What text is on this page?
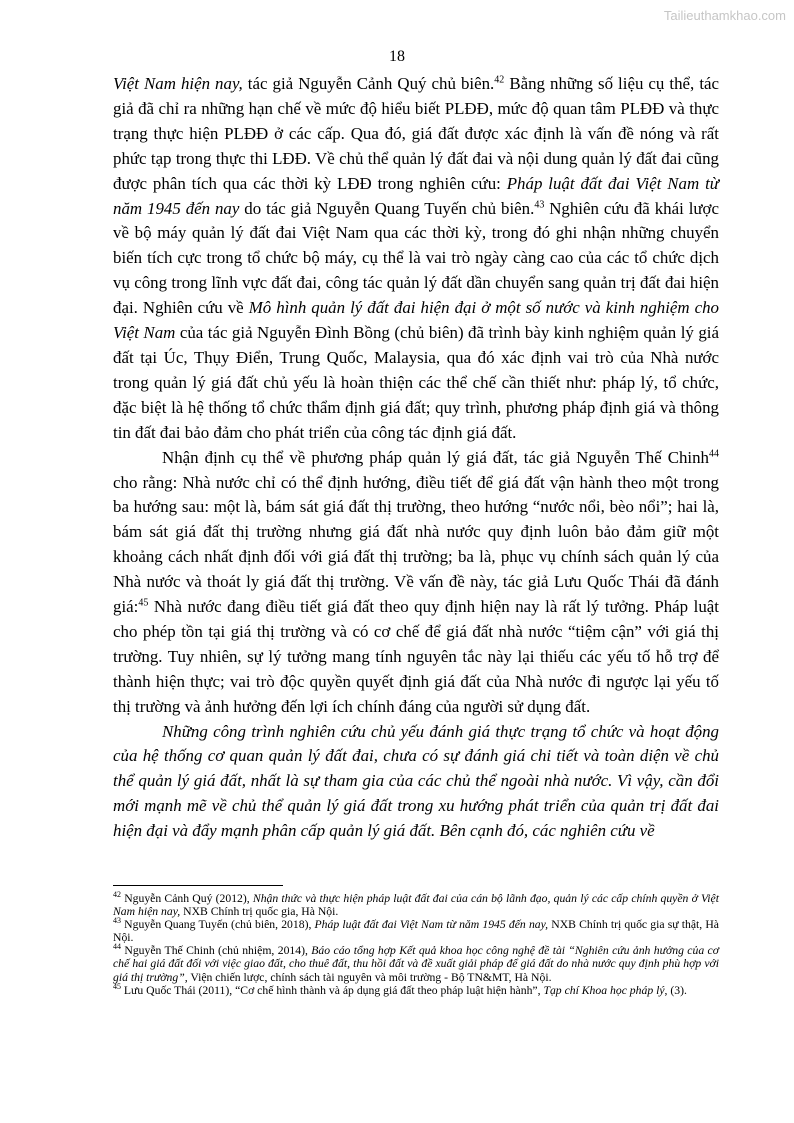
Tailieuthamkhao.com
18

Việt Nam hiện nay, tác giả Nguyễn Cảnh Quý chủ biên.$^{42}$ Bằng những số liệu cụ thể, tác giả đã chỉ ra những hạn chế về mức độ hiểu biết PLĐĐ, mức độ quan tâm PLĐĐ và thực trạng thực hiện PLĐĐ ở các cấp. Qua đó, giá đất được xác định là vấn đề nóng và rất phức tạp trong thực thi LĐĐ. Về chủ thể quản lý đất đai và nội dung quản lý đất đai cũng được phân tích qua các thời kỳ LĐĐ trong nghiên cứu: Pháp luật đất đai Việt Nam từ năm 1945 đến nay do tác giả Nguyễn Quang Tuyến chủ biên.$^{43}$ Nghiên cứu đã khái lược về bộ máy quản lý đất đai Việt Nam qua các thời kỳ, trong đó ghi nhận những chuyển biến tích cực trong tổ chức bộ máy, cụ thể là vai trò ngày càng cao của các tổ chức dịch vụ công trong lĩnh vực đất đai, công tác quản lý đất dần chuyển sang quản trị đất đai hiện đại. Nghiên cứu về Mô hình quản lý đất đai hiện đại ở một số nước và kinh nghiệm cho Việt Nam của tác giả Nguyễn Đình Bồng (chủ biên) đã trình bày kinh nghiệm quản lý giá đất tại Úc, Thụy Điển, Trung Quốc, Malaysia, qua đó xác định vai trò của Nhà nước trong quản lý giá đất chủ yếu là hoàn thiện các thể chế cần thiết như: pháp lý, tổ chức, đặc biệt là hệ thống tổ chức thẩm định giá đất; quy trình, phương pháp định giá và thông tin đất đai bảo đảm cho phát triển của công tác định giá đất.

Nhận định cụ thể về phương pháp quản lý giá đất, tác giả Nguyễn Thế Chinh$^{44}$ cho rằng: Nhà nước chỉ có thể định hướng, điều tiết để giá đất vận hành theo một trong ba hướng sau: một là, bám sát giá đất thị trường, theo hướng “nước nổi, bèo nổi”; hai là, bám sát giá đất thị trường nhưng giá đất nhà nước quy định luôn bảo đảm giữ một khoảng cách nhất định đối với giá đất thị trường; ba là, phục vụ chính sách quản lý của Nhà nước và thoát ly giá đất thị trường. Về vấn đề này, tác giả Lưu Quốc Thái đã đánh giá:$^{45}$ Nhà nước đang điều tiết giá đất theo quy định hiện nay là rất lý tưởng. Pháp luật cho phép tồn tại giá thị trường và có cơ chế để giá đất nhà nước “tiệm cận” với giá thị trường. Tuy nhiên, sự lý tưởng mang tính nguyên tắc này lại thiếu các yếu tố hỗ trợ để thành hiện thực; vai trò độc quyền quyết định giá đất của Nhà nước đi ngược lại yếu tố thị trường và ảnh hưởng đến lợi ích chính đáng của người sử dụng đất.

Những công trình nghiên cứu chủ yếu đánh giá thực trạng tổ chức và hoạt động của hệ thống cơ quan quản lý đất đai, chưa có sự đánh giá chi tiết và toàn diện về chủ thể quản lý giá đất, nhất là sự tham gia của các chủ thể ngoài nhà nước. Vì vậy, cần đổi mới mạnh mẽ về chủ thể quản lý giá đất trong xu hướng phát triển của quản trị đất đai hiện đại và đẩy mạnh phân cấp quản lý giá đất. Bên cạnh đó, các nghiên cứu về

$^{42}$ Nguyễn Cảnh Quý (2012), Nhận thức và thực hiện pháp luật đất đai của cán bộ lãnh đạo, quản lý các cấp chính quyền ở Việt Nam hiện nay, NXB Chính trị quốc gia, Hà Nội.

$^{43}$ Nguyễn Quang Tuyến (chủ biên, 2018), Pháp luật đất đai Việt Nam từ năm 1945 đến nay, NXB Chính trị quốc gia sự thật, Hà Nội.

$^{44}$ Nguyễn Thế Chinh (chủ nhiệm, 2014), Báo cáo tổng hợp Kết quả khoa học công nghệ đề tài “Nghiên cứu ảnh hưởng của cơ chế hai giá đất đối với việc giao đất, cho thuê đất, thu hồi đất và đề xuất giải pháp để giá đất do nhà nước quy định phù hợp với giá thị trường”, Viện chiến lược, chính sách tài nguyên và môi trường - Bộ TN&MT, Hà Nội.

$^{45}$ Lưu Quốc Thái (2011), “Cơ chế hình thành và áp dụng giá đất theo pháp luật hiện hành”, Tạp chí Khoa học pháp lý, (3).
